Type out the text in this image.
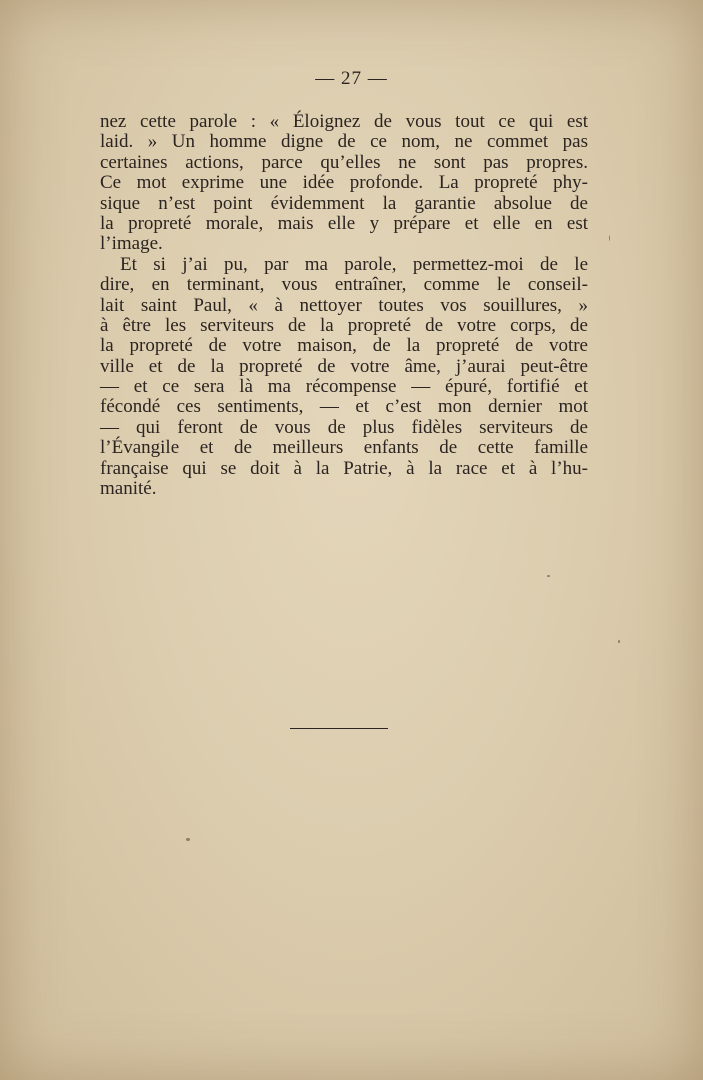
— 27 —
nez cette parole : « Éloignez de vous tout ce qui est
laid. » Un homme digne de ce nom, ne commet pas
certaines actions, parce qu’elles ne sont pas propres.
Ce mot exprime une idée profonde. La propreté phy-
sique n’est point évidemment la garantie absolue de
la propreté morale, mais elle y prépare et elle en est
l’image.
Et si j’ai pu, par ma parole, permettez-moi de le
dire, en terminant, vous entraîner, comme le conseil-
lait saint Paul, « à nettoyer toutes vos souillures, »
à être les serviteurs de la propreté de votre corps, de
la propreté de votre maison, de la propreté de votre
ville et de la propreté de votre âme, j’aurai peut-être
— et ce sera là ma récompense — épuré, fortifié et
fécondé ces sentiments, — et c’est mon dernier mot
— qui feront de vous de plus fidèles serviteurs de
l’Évangile et de meilleurs enfants de cette famille
française qui se doit à la Patrie, à la race et à l’hu-
manité.
